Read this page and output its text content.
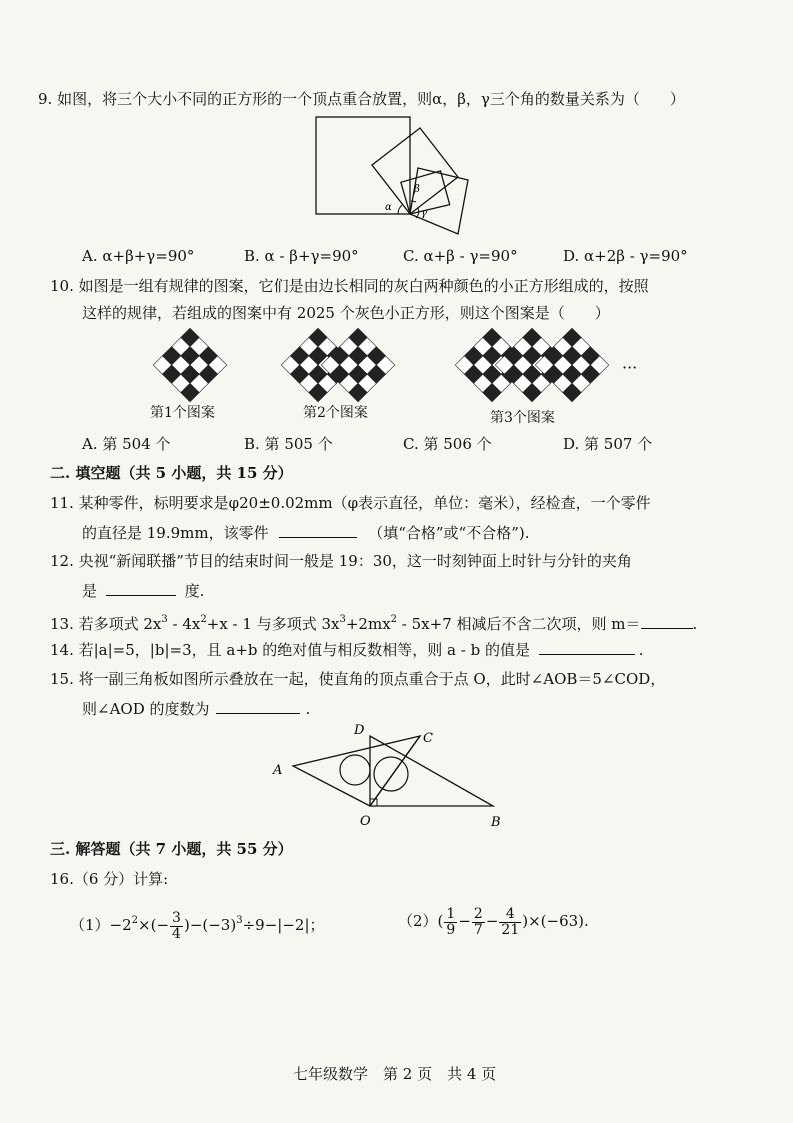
9. 如图，将三个大小不同的正方形的一个顶点重合放置，则α，β，γ三个角的数量关系为（　　）
α
β
γ
A. α+β+γ=90°	B. α - β+γ=90°	C. α+β - γ=90°	D. α+2β - γ=90°
10. 如图是一组有规律的图案，它们是由边长相同的灰白两种颜色的小正方形组成的，按照
这样的规律，若组成的图案中有 2025 个灰色小正方形，则这个图案是（　　）
···
第1个图案	第2个图案	第3个图案
A. 第 504 个	B. 第 505 个	C. 第 506 个	D. 第 507 个
二. 填空题（共 5 小题，共 15 分）
11. 某种零件，标明要求是φ20±0.02mm（φ表示直径，单位：毫米），经检查，一个零件
的直径是 19.9mm，该零件	（填“合格”或“不合格”).
12. 央视“新闻联播”节目的结束时间一般是 19：30，这一时刻钟面上时针与分针的夹角
是	度.
13. 若多项式 $2x^3 - 4x^2+x - 1$ 与多项式 $3x^3+2mx^2 - 5x+7$ 相减后不含二次项，则 m＝	.
14. 若|a|=5，|b|=3，且 a+b 的绝对值与相反数相等，则 a - b 的值是	.
15. 将一副三角板如图所示叠放在一起，使直角的顶点重合于点 O，此时∠AOB＝5∠COD，
则∠AOD 的度数为	.
A
B
C
D
O
三. 解答题（共 7 小题，共 55 分）
16.（6 分）计算:
$(1)-2^2\times(- \frac{3}{4} )-(-3)^3\div 9-|-2|$；	$(2)( \frac{1}{9} - \frac{2}{7} - \frac{4}{21} )\times(-63)$.
七年级数学　第 2 页　共 4 页
